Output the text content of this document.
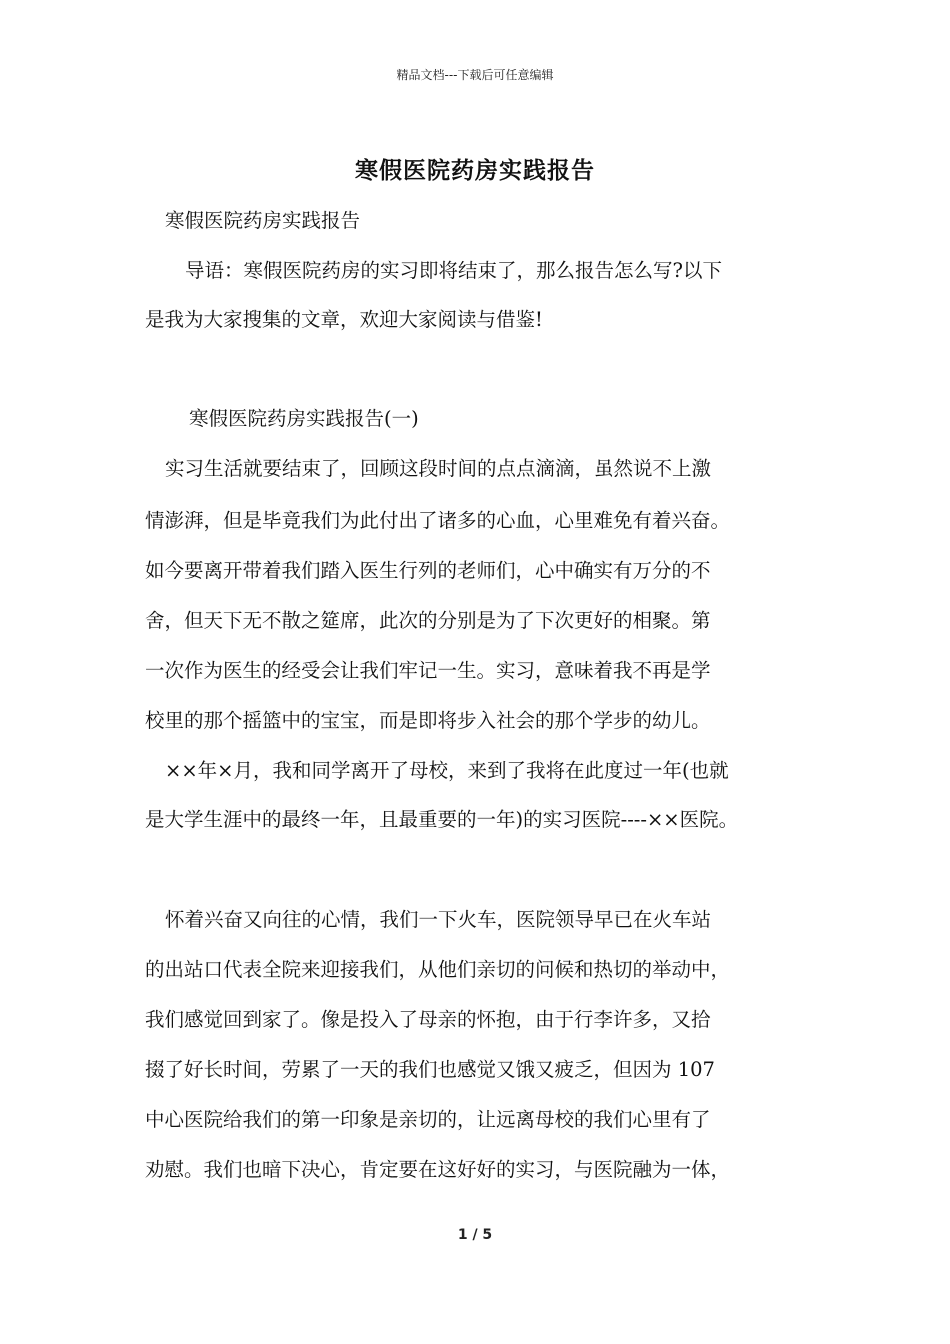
精品文档---下载后可任意编辑
寒假医院药房实践报告
寒假医院药房实践报告
导语：寒假医院药房的实习即将结束了，那么报告怎么写?以下
是我为大家搜集的文章，欢迎大家阅读与借鉴!
寒假医院药房实践报告(一)
实习生活就要结束了，回顾这段时间的点点滴滴，虽然说不上激
情澎湃，但是毕竟我们为此付出了诸多的心血，心里难免有着兴奋。
如今要离开带着我们踏入医生行列的老师们，心中确实有万分的不
舍，但天下无不散之筵席，此次的分别是为了下次更好的相聚。第
一次作为医生的经受会让我们牢记一生。实习，意味着我不再是学
校里的那个摇篮中的宝宝，而是即将步入社会的那个学步的幼儿。
××年×月，我和同学离开了母校，来到了我将在此度过一年(也就
是大学生涯中的最终一年，且最重要的一年)的实习医院----××医院。
怀着兴奋又向往的心情，我们一下火车，医院领导早已在火车站
的出站口代表全院来迎接我们，从他们亲切的问候和热切的举动中，
我们感觉回到家了。像是投入了母亲的怀抱，由于行李许多，又拾
掇了好长时间，劳累了一天的我们也感觉又饿又疲乏，但因为 107
中心医院给我们的第一印象是亲切的，让远离母校的我们心里有了
劝慰。我们也暗下决心，肯定要在这好好的实习，与医院融为一体，
1 / 5
